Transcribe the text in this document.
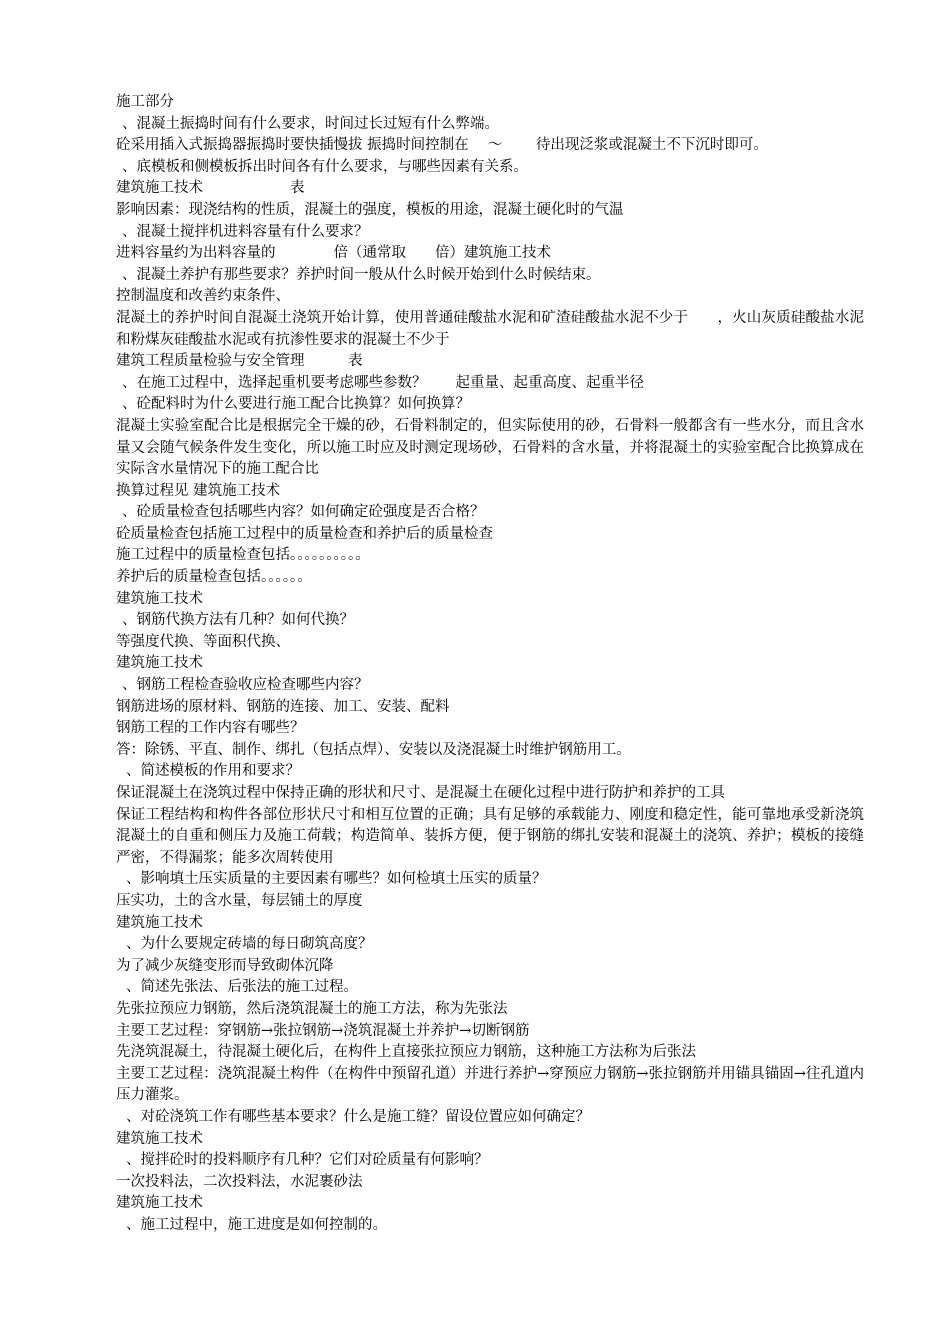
施工部分
、混凝土振捣时间有什么要求，时间过长过短有什么弊端。
砼采用插入式振捣器振捣时要快插慢拔 振捣时间控制在　 ～　　 待出现泛浆或混凝土不下沉时即可。
、底模板和侧模板拆出时间各有什么要求，与哪些因素有关系。
建筑施工技术　　　　　　表
影响因素：现浇结构的性质，混凝土的强度，模板的用途，混凝土硬化时的气温
、混凝土搅拌机进料容量有什么要求？
进料容量约为出料容量的　　　　倍（通常取　　倍）建筑施工技术
、混凝土养护有那些要求？养护时间一般从什么时候开始到什么时候结束。
控制温度和改善约束条件、
混凝土的养护时间自混凝土浇筑开始计算，使用普通硅酸盐水泥和矿渣硅酸盐水泥不少于　　，火山灰质硅酸盐水泥和粉煤灰硅酸盐水泥或有抗渗性要求的混凝土不少于
建筑工程质量检验与安全管理　　　表
、在施工过程中，选择起重机要考虑哪些参数？　　起重量、起重高度、起重半径
、砼配料时为什么要进行施工配合比换算？如何换算？
混凝土实验室配合比是根据完全干燥的砂，石骨料制定的，但实际使用的砂，石骨料一般都含有一些水分，而且含水量又会随气候条件发生变化，所以施工时应及时测定现场砂，石骨料的含水量，并将混凝土的实验室配合比换算成在实际含水量情况下的施工配合比
换算过程见 建筑施工技术
、砼质量检查包括哪些内容？如何确定砼强度是否合格？
砼质量检查包括施工过程中的质量检查和养护后的质量检查
施工过程中的质量检查包括。。。。。。。。。。
养护后的质量检查包括。。。。。。
建筑施工技术
、钢筋代换方法有几种？如何代换？
等强度代换、等面积代换、
建筑施工技术
、钢筋工程检查验收应检查哪些内容？
钢筋进场的原材料、钢筋的连接、加工、安装、配料
钢筋工程的工作内容有哪些？
答：除锈、平直、制作、绑扎（包括点焊）、安装以及浇混凝土时维护钢筋用工。
、简述模板的作用和要求？
保证混凝土在浇筑过程中保持正确的形状和尺寸、是混凝土在硬化过程中进行防护和养护的工具
保证工程结构和构件各部位形状尺寸和相互位置的正确；具有足够的承载能力、刚度和稳定性，能可靠地承受新浇筑混凝土的自重和侧压力及施工荷载；构造简单、装拆方便，便于钢筋的绑扎安装和混凝土的浇筑、养护；模板的接缝严密，不得漏浆；能多次周转使用
、影响填土压实质量的主要因素有哪些？如何检填土压实的质量？
压实功，土的含水量，每层铺土的厚度
建筑施工技术
、为什么要规定砖墙的每日砌筑高度？
为了减少灰缝变形而导致砌体沉降
、简述先张法、后张法的施工过程。
先张拉预应力钢筋，然后浇筑混凝土的施工方法，称为先张法
主要工艺过程：穿钢筋→张拉钢筋→浇筑混凝土并养护→切断钢筋
先浇筑混凝土，待混凝土硬化后，在构件上直接张拉预应力钢筋，这种施工方法称为后张法
主要工艺过程：浇筑混凝土构件（在构件中预留孔道）并进行养护→穿预应力钢筋→张拉钢筋并用锚具锚固→往孔道内压力灌浆。
、对砼浇筑工作有哪些基本要求？什么是施工缝？留设位置应如何确定？
建筑施工技术
、搅拌砼时的投料顺序有几种？它们对砼质量有何影响？
一次投料法，二次投料法，水泥裹砂法
建筑施工技术
、施工过程中，施工进度是如何控制的。
